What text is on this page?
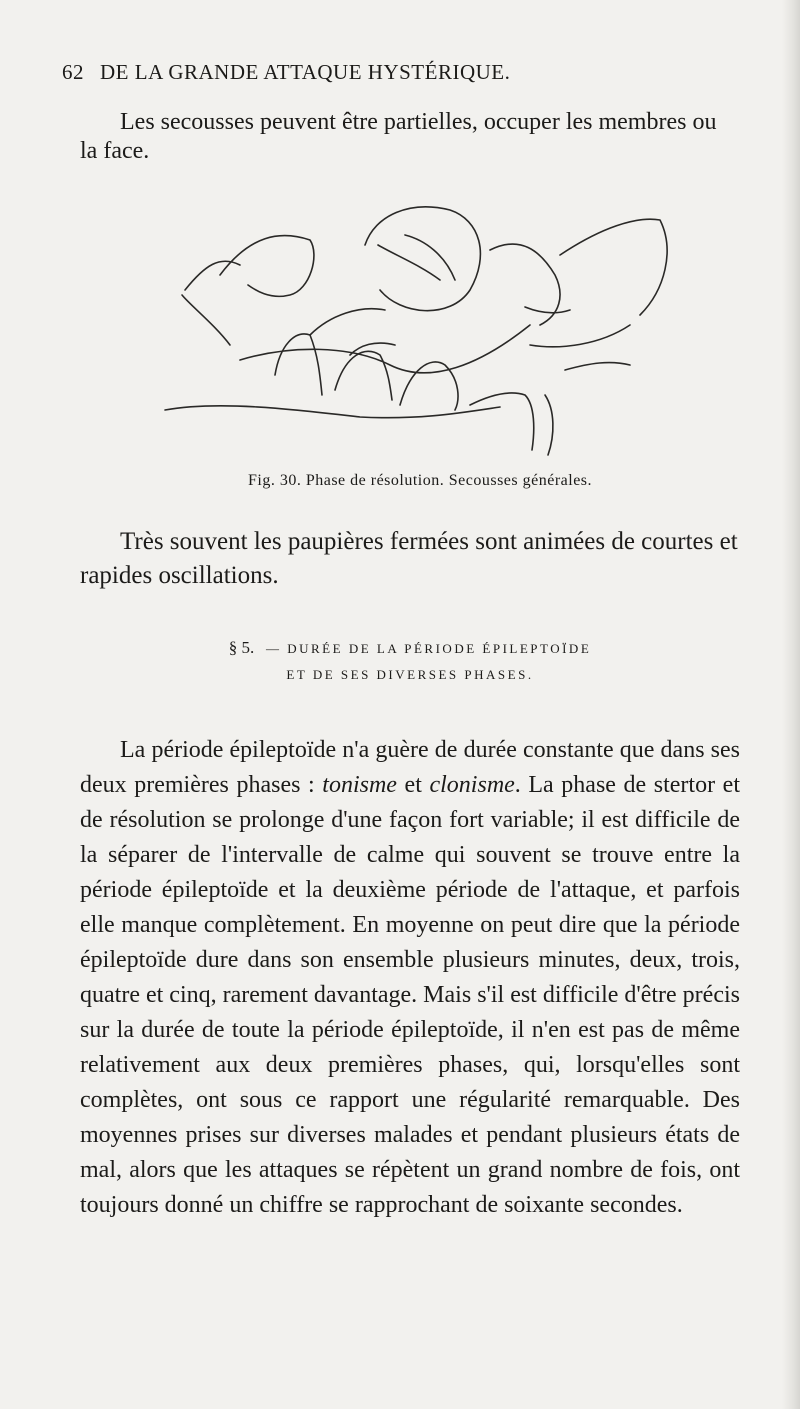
62 DE LA GRANDE ATTAQUE HYSTÉRIQUE.
Les secousses peuvent être partielles, occuper les membres ou
la face.
Fig. 30. Phase de résolution. Secousses générales.
Très souvent les paupières fermées sont animées de courtes et
rapides oscillations.
§ 5. — DURÉE DE LA PÉRIODE ÉPILEPTOÏDE
ET DE SES DIVERSES PHASES.
La période épileptoïde n'a guère de durée constante que dans ses deux premières phases : tonisme et clonisme. La phase de stertor et de résolution se prolonge d'une façon fort variable; il est difficile de la séparer de l'intervalle de calme qui souvent se trouve entre la période épileptoïde et la deuxième période de l'attaque, et parfois elle manque complètement. En moyenne on peut dire que la période épileptoïde dure dans son ensemble plusieurs minutes, deux, trois, quatre et cinq, rarement davantage. Mais s'il est difficile d'être précis sur la durée de toute la période épileptoïde, il n'en est pas de même relativement aux deux premières phases, qui, lorsqu'elles sont complètes, ont sous ce rapport une régularité remarquable. Des moyennes prises sur diverses malades et pendant plusieurs états de mal, alors que les attaques se répètent un grand nombre de fois, ont toujours donné un chiffre se rapprochant de soixante secondes.
